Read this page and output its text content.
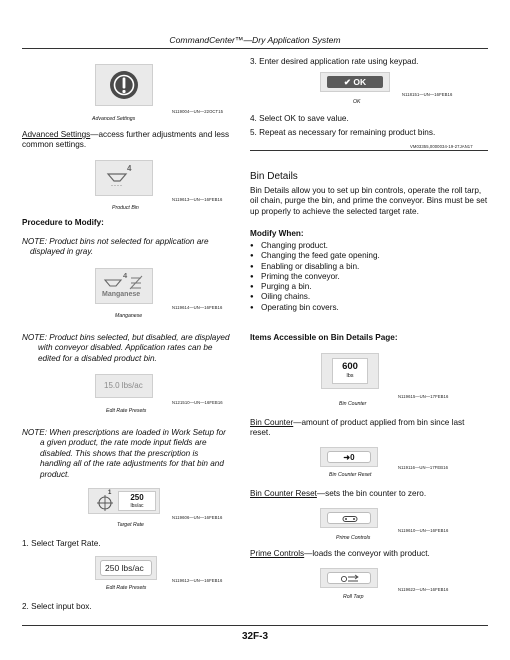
CommandCenter™—Dry Application System
N119004—UN—22OCT15
Advanced Settings
Advanced Settings—access further adjustments and less common settings.
4
----
N119613—UN—16FEB16
Product Bin
Procedure to Modify:
NOTE: Product bins not selected for application are displayed in gray.
4
Manganese
N119614—UN—16FEB16
Manganese
NOTE: Product bins selected, but disabled, are displayed with conveyor disabled. Application rates can be edited for a disabled product bin.
15.0 lbs/ac
N121510—UN—16FEB16
Edit Rate Presets
NOTE: When prescriptions are loaded in Work Setup for a given product, the rate mode input fields are disabled. This shows that the prescription is handling all of the rate adjustments for that bin and product.
1	250
lbs/ac
N119606—UN—16FEB16
Target Rate
1. Select Target Rate.
250 lbs/ac
N119612—UN—16FEB16
Edit Rate Presets
2. Select input box.
3. Enter desired application rate using keypad.
✔ OK
N118151—UN—16FEB16
OK
4. Select OK to save value.
5. Repeat as necessary for remaining product bins.
VM03355,0000034-19-27JAN17
Bin Details
Bin Details allow you to set up bin controls, operate the roll tarp, oil chain, purge the bin, and prime the conveyor. Bins must be set up properly to achieve the selected target rate.
Modify When:
● Changing product.
● Changing the feed gate opening.
● Enabling or disabling a bin.
● Priming the conveyor.
● Purging a bin.
● Oiling chains.
● Operating bin covers.
Items Accessible on Bin Details Page:
600
lbs
N119615—UN—17FEB16
Bin Counter
Bin Counter—amount of product applied from bin since last reset.
➜0
N119116—UN—17FEB16
Bin Counter Reset
Bin Counter Reset—sets the bin counter to zero.
N119610—UN—16FEB16
Prime Controls
Prime Controls—loads the conveyor with product.
N119622—UN—16FEB16
Roll Tarp
32F-3
